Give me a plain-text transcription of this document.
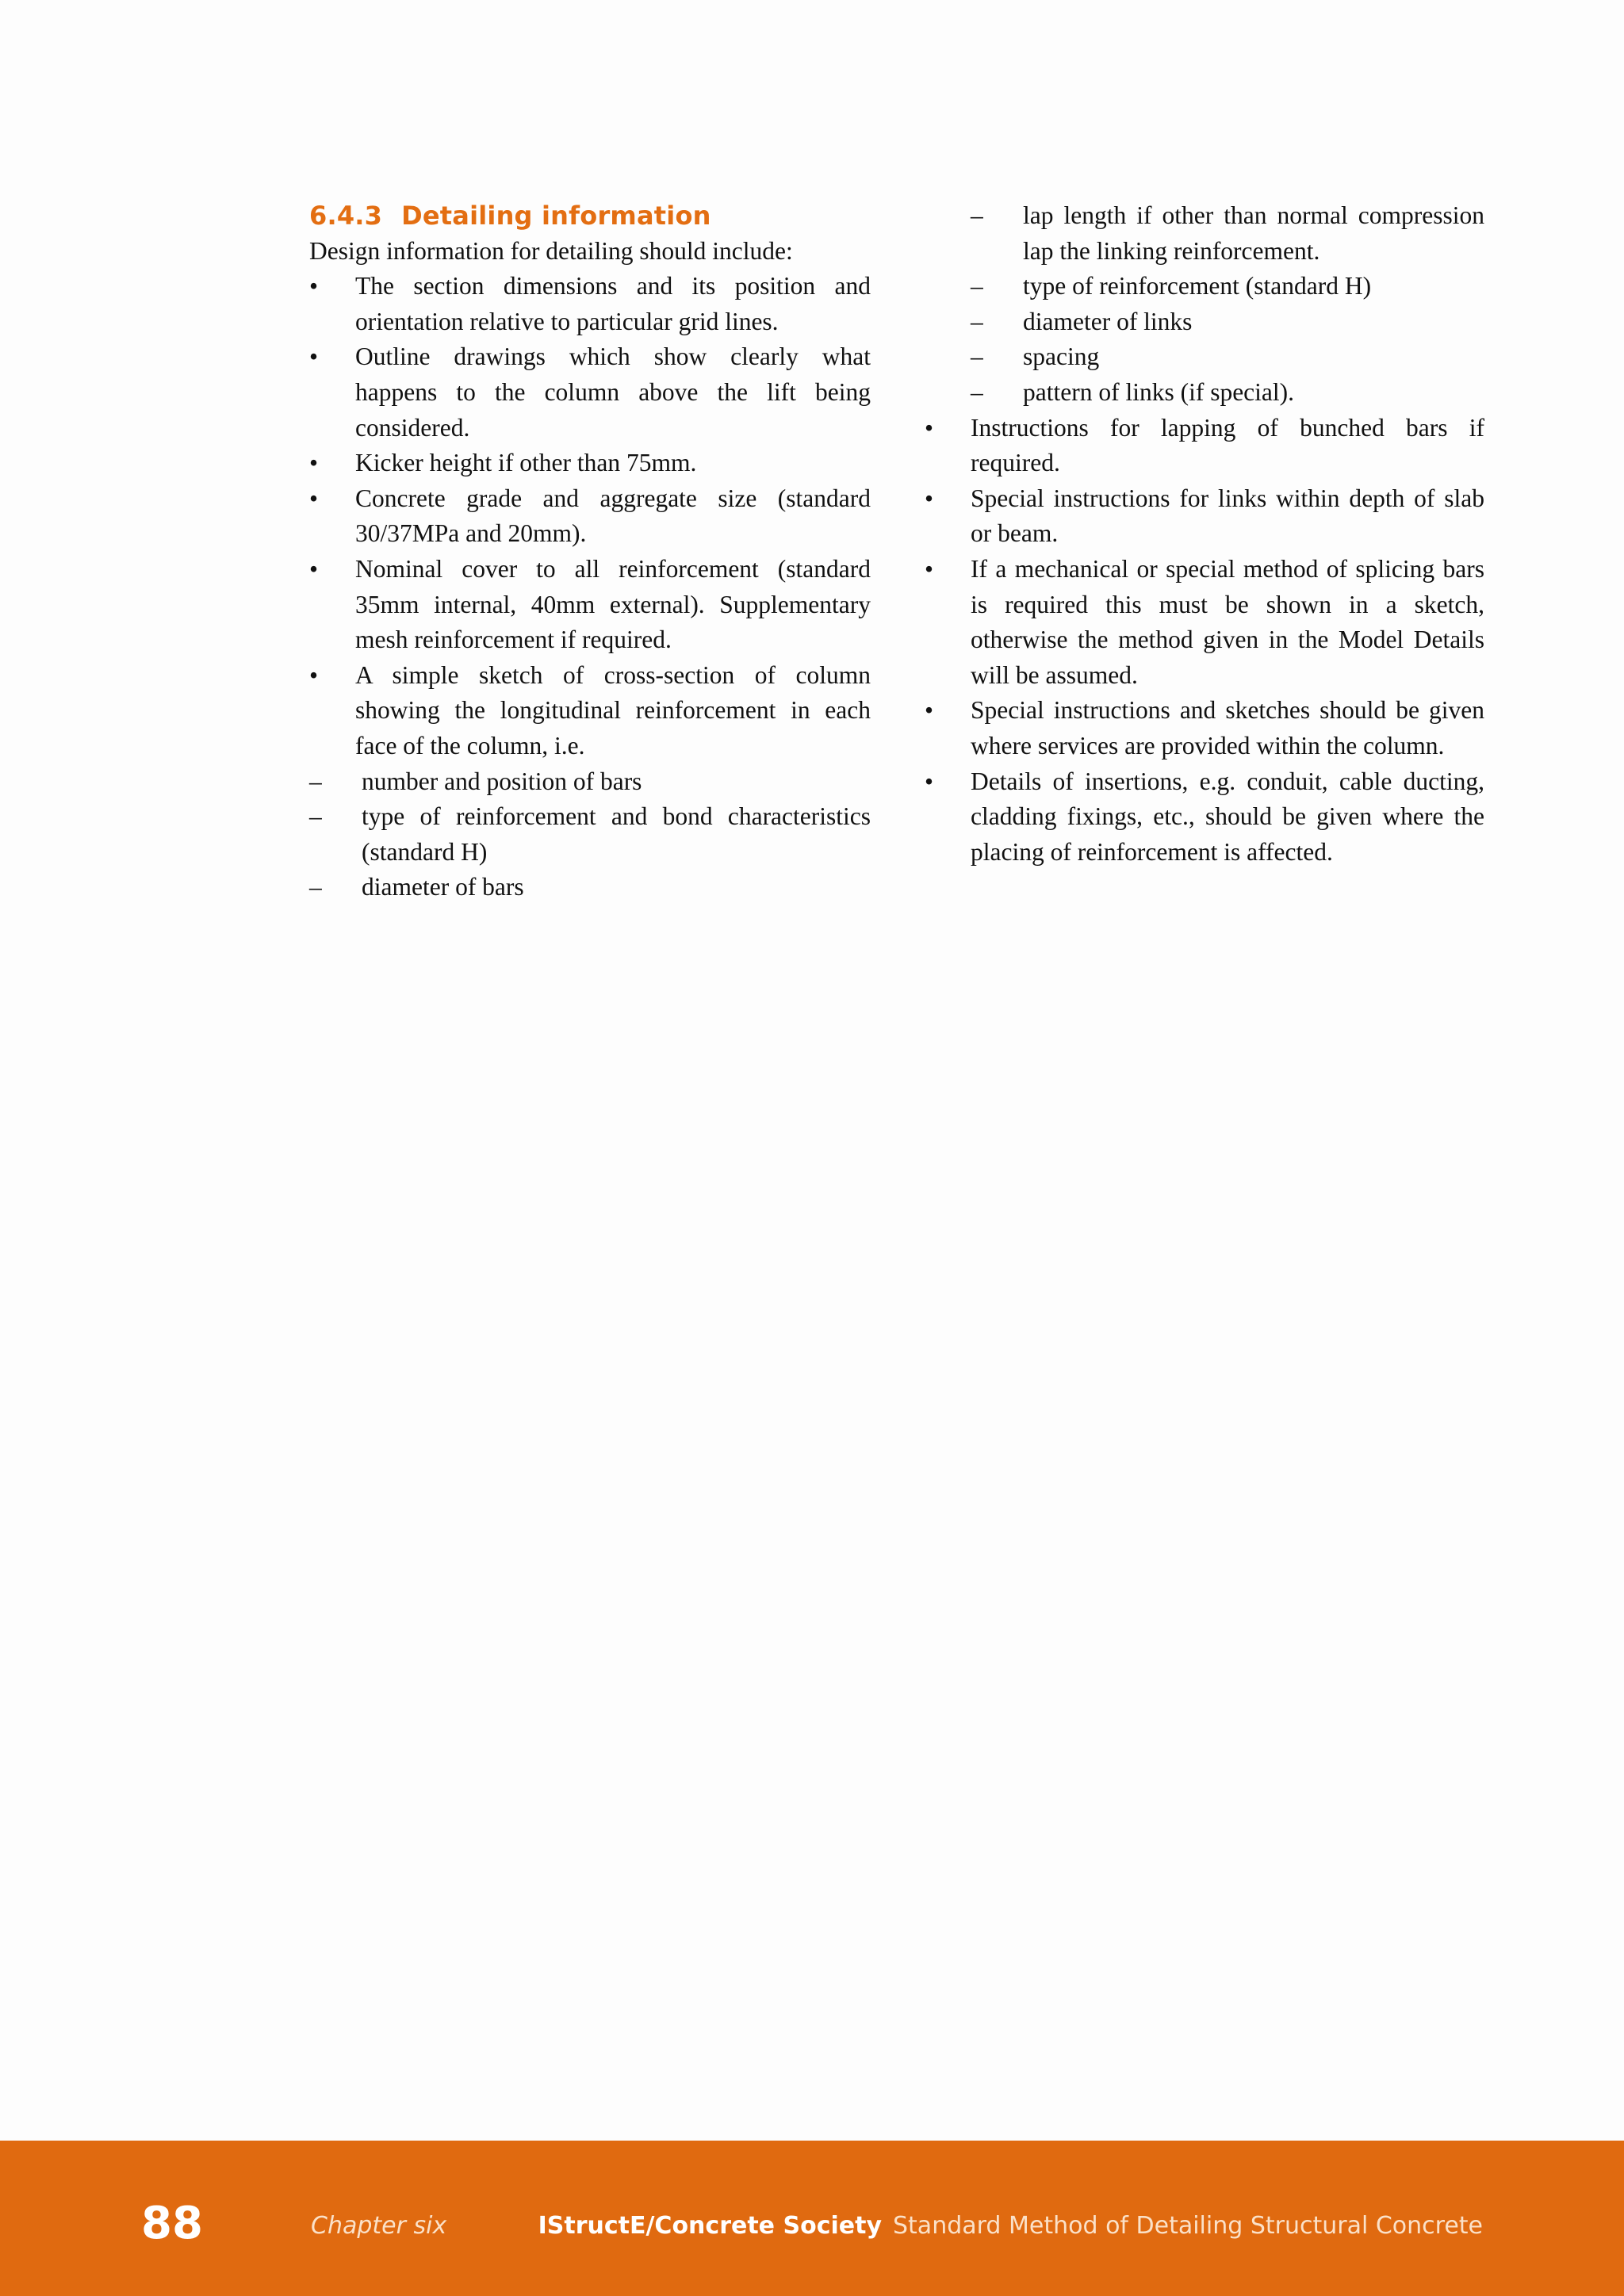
6.4.3 Detailing information

Design information for detailing should include:

• The section dimensions and its position and orientation relative to particular grid lines.
• Outline drawings which show clearly what happens to the column above the lift being considered.
• Kicker height if other than 75mm.
• Concrete grade and aggregate size (standard 30/37MPa and 20mm).
• Nominal cover to all reinforcement (standard 35mm internal, 40mm external). Supplementary mesh reinforcement if required.
• A simple sketch of cross-section of column showing the longitudinal reinforcement in each face of the column, i.e.
– number and position of bars
– type of reinforcement and bond characteristics (standard H)
– diameter of bars
– lap length if other than normal compression lap the linking reinforcement.
– type of reinforcement (standard H)
– diameter of links
– spacing
– pattern of links (if special).
• Instructions for lapping of bunched bars if required.
• Special instructions for links within depth of slab or beam.
• If a mechanical or special method of splicing bars is required this must be shown in a sketch, otherwise the method given in the Model Details will be assumed.
• Special instructions and sketches should be given where services are provided within the column.
• Details of insertions, e.g. conduit, cable ducting, cladding fixings, etc., should be given where the placing of reinforcement is affected.
88	Chapter six	IStructE/Concrete Society Standard Method of Detailing Structural Concrete
